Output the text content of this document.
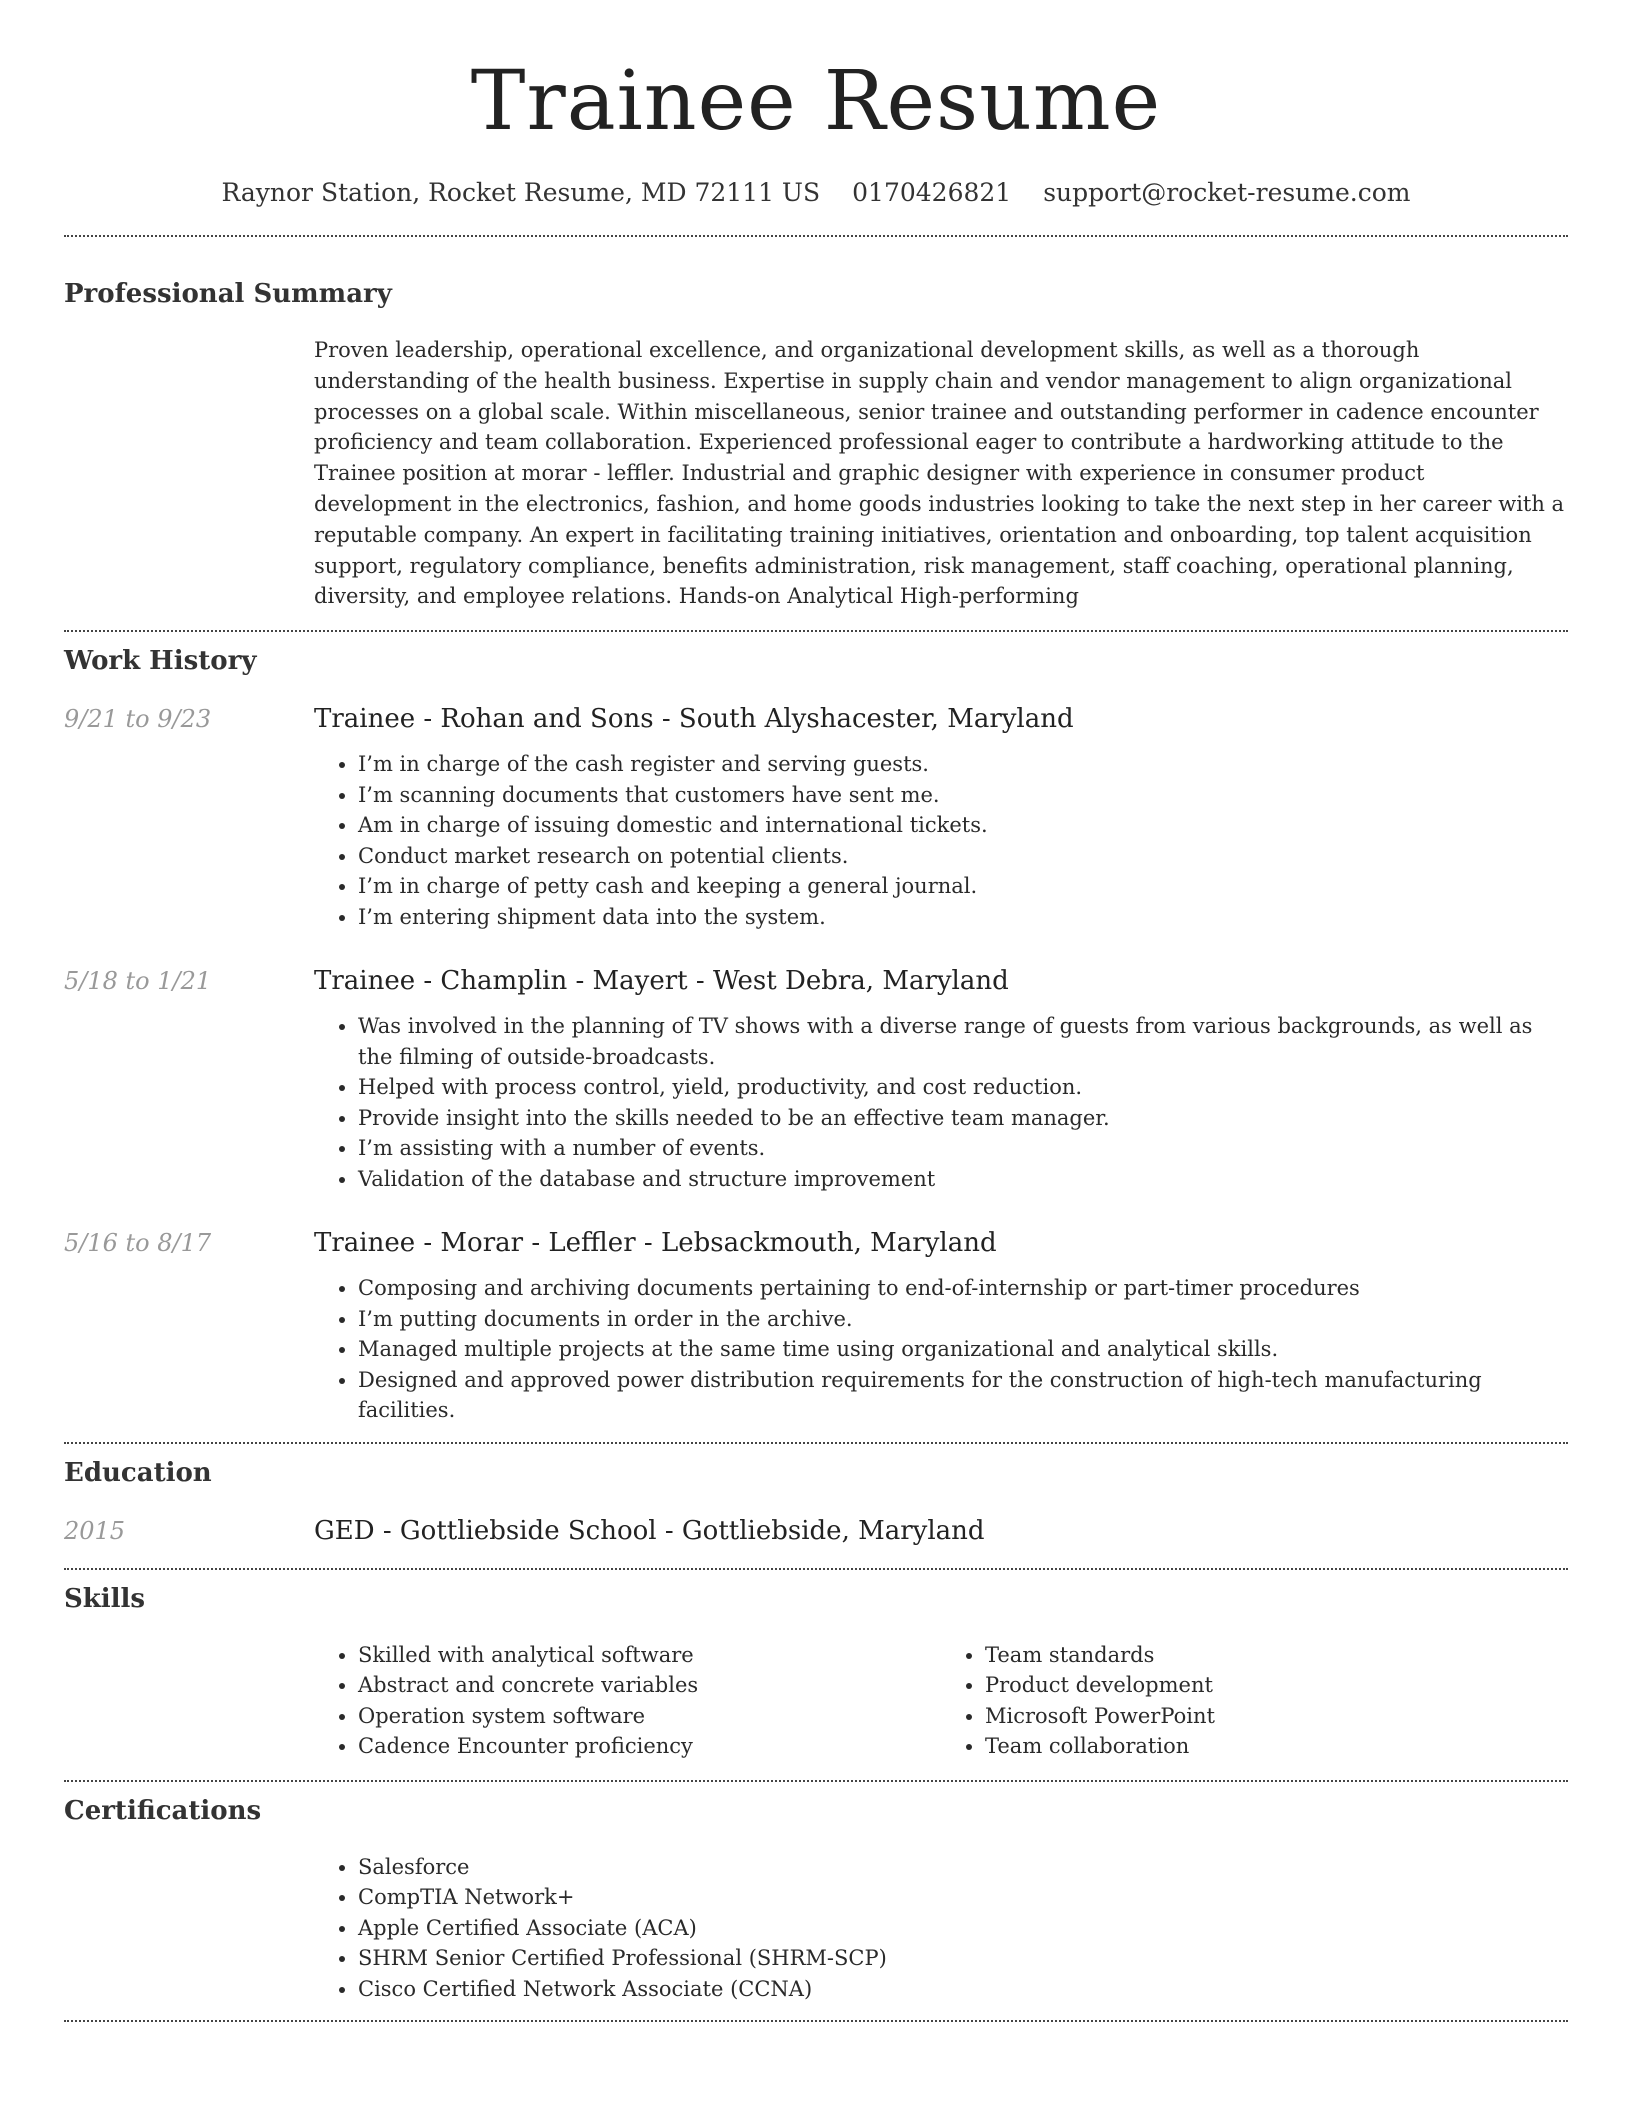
Trainee Resume
Raynor Station, Rocket Resume, MD 72111 US 0170426821 support@rocket-resume.com
Professional Summary

Proven leadership, operational excellence, and organizational development skills, as well as a thorough understanding of the health business. Expertise in supply chain and vendor management to align organizational processes on a global scale. Within miscellaneous, senior trainee and outstanding performer in cadence encounter proficiency and team collaboration. Experienced professional eager to contribute a hardworking attitude to the Trainee position at morar - leffler. Industrial and graphic designer with experience in consumer product development in the electronics, fashion, and home goods industries looking to take the next step in her career with a reputable company. An expert in facilitating training initiatives, orientation and onboarding, top talent acquisition support, regulatory compliance, benefits administration, risk management, staff coaching, operational planning, diversity, and employee relations. Hands-on Analytical High-performing

Work History
9/21 to 9/23	Trainee - Rohan and Sons - South Alyshacester, Maryland
• I’m in charge of the cash register and serving guests.
• I’m scanning documents that customers have sent me.
• Am in charge of issuing domestic and international tickets.
• Conduct market research on potential clients.
• I’m in charge of petty cash and keeping a general journal.
• I’m entering shipment data into the system.
5/18 to 1/21	Trainee - Champlin - Mayert - West Debra, Maryland
• Was involved in the planning of TV shows with a diverse range of guests from various backgrounds, as well as the filming of outside-broadcasts.
• Helped with process control, yield, productivity, and cost reduction.
• Provide insight into the skills needed to be an effective team manager.
• I’m assisting with a number of events.
• Validation of the database and structure improvement
5/16 to 8/17	Trainee - Morar - Leffler - Lebsackmouth, Maryland
• Composing and archiving documents pertaining to end-of-internship or part-timer procedures
• I’m putting documents in order in the archive.
• Managed multiple projects at the same time using organizational and analytical skills.
• Designed and approved power distribution requirements for the construction of high-tech manufacturing facilities.
Education
2015	GED - Gottliebside School - Gottliebside, Maryland
Skills
• Skilled with analytical software
• Abstract and concrete variables
• Operation system software
• Cadence Encounter proficiency
• Team standards
• Product development
• Microsoft PowerPoint
• Team collaboration
Certifications
• Salesforce
• CompTIA Network+
• Apple Certified Associate (ACA)
• SHRM Senior Certified Professional (SHRM-SCP)
• Cisco Certified Network Associate (CCNA)
